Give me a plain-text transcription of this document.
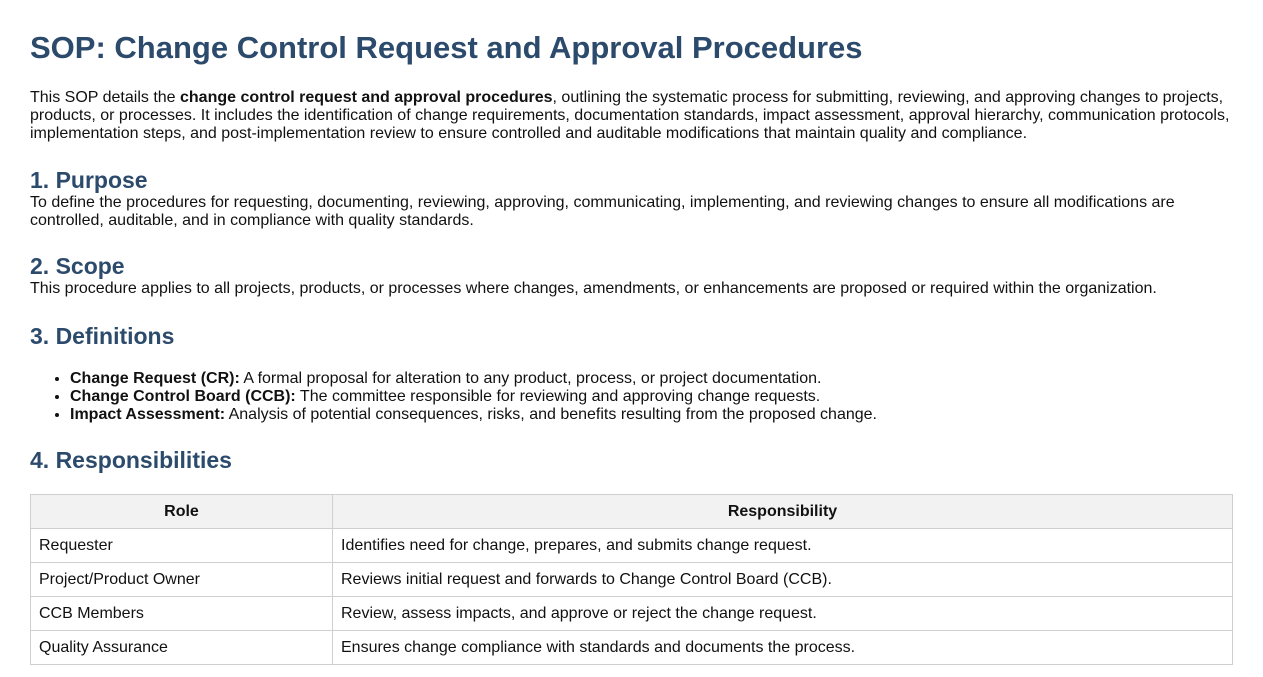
SOP: Change Control Request and Approval Procedures

This SOP details the change control request and approval procedures, outlining the systematic process for submitting, reviewing, and approving changes to projects, products, or processes. It includes the identification of change requirements, documentation standards, impact assessment, approval hierarchy, communication protocols, implementation steps, and post-implementation review to ensure controlled and auditable modifications that maintain quality and compliance.

1. Purpose

To define the procedures for requesting, documenting, reviewing, approving, communicating, implementing, and reviewing changes to ensure all modifications are controlled, auditable, and in compliance with quality standards.

2. Scope

This procedure applies to all projects, products, or processes where changes, amendments, or enhancements are proposed or required within the organization.

3. Definitions
• Change Request (CR): A formal proposal for alteration to any product, process, or project documentation.
• Change Control Board (CCB): The committee responsible for reviewing and approving change requests.
• Impact Assessment: Analysis of potential consequences, risks, and benefits resulting from the proposed change.
4. Responsibilities
Role	Responsibility
Requester	Identifies need for change, prepares, and submits change request.
Project/Product Owner	Reviews initial request and forwards to Change Control Board (CCB).
CCB Members	Review, assess impacts, and approve or reject the change request.
Quality Assurance	Ensures change compliance with standards and documents the process.
